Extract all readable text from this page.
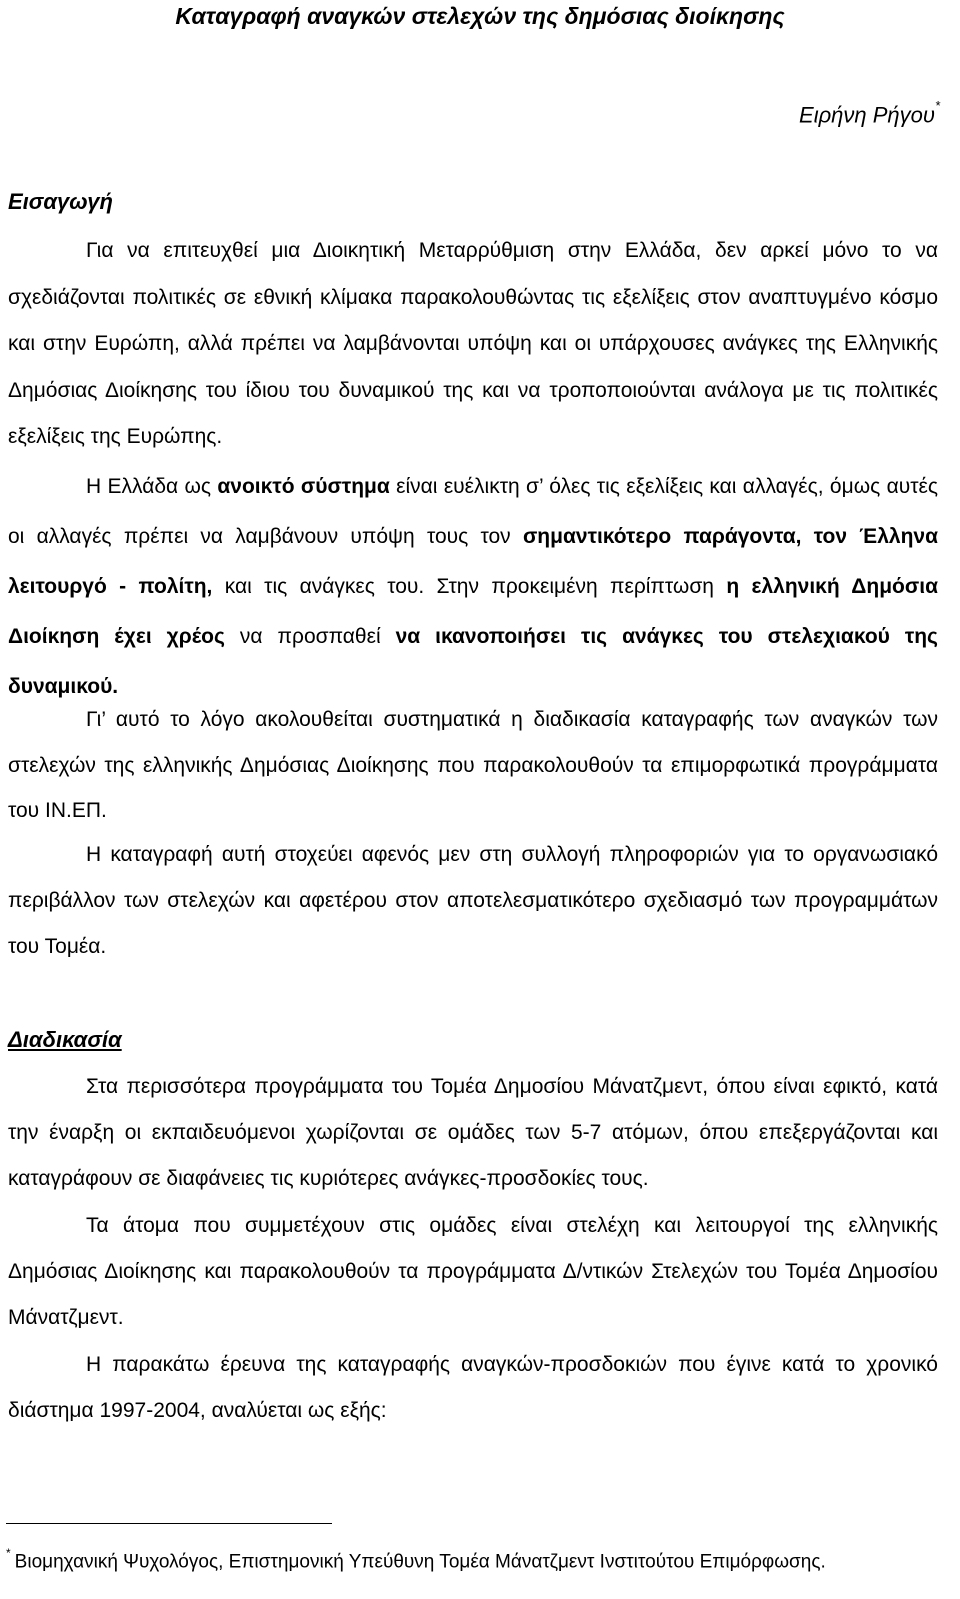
Καταγραφή αναγκών στελεχών της δημόσιας διοίκησης
Ειρήνη Ρήγου*
Εισαγωγή
Για να επιτευχθεί μια Διοικητική Μεταρρύθμιση στην Ελλάδα, δεν αρκεί μόνο το να σχεδιάζονται πολιτικές σε εθνική κλίμακα παρακολουθώντας τις εξελίξεις στον αναπτυγμένο κόσμο και στην Ευρώπη, αλλά πρέπει να λαμβάνονται υπόψη και οι υπάρχουσες ανάγκες της Ελληνικής Δημόσιας Διοίκησης του ίδιου του δυναμικού της και να τροποποιούνται ανάλογα με τις πολιτικές εξελίξεις της Ευρώπης.
Η Ελλάδα ως ανοικτό σύστημα είναι ευέλικτη σ’ όλες τις εξελίξεις και αλλαγές, όμως αυτές οι αλλαγές πρέπει να λαμβάνουν υπόψη τους τον σημαντικότερο παράγοντα, τον Έλληνα λειτουργό - πολίτη, και τις ανάγκες του. Στην προκειμένη περίπτωση η ελληνική Δημόσια Διοίκηση έχει χρέος να προσπαθεί να ικανοποιήσει τις ανάγκες του στελεχιακού της δυναμικού.
Γι’ αυτό το λόγο ακολουθείται συστηματικά η διαδικασία καταγραφής των αναγκών των στελεχών της ελληνικής Δημόσιας Διοίκησης που παρακολουθούν τα επιμορφωτικά προγράμματα του ΙΝ.ΕΠ.
Η καταγραφή αυτή στοχεύει αφενός μεν στη συλλογή πληροφοριών για το οργανωσιακό περιβάλλον των στελεχών και αφετέρου στον αποτελεσματικότερο σχεδιασμό των προγραμμάτων του Τομέα.
Διαδικασία
Στα περισσότερα προγράμματα του Τομέα Δημοσίου Μάνατζμεντ, όπου είναι εφικτό, κατά την έναρξη οι εκπαιδευόμενοι χωρίζονται σε ομάδες των 5-7 ατόμων, όπου επεξεργάζονται και καταγράφουν σε διαφάνειες τις κυριότερες ανάγκες-προσδοκίες τους.
Τα άτομα που συμμετέχουν στις ομάδες είναι στελέχη και λειτουργοί της ελληνικής Δημόσιας Διοίκησης και παρακολουθούν τα προγράμματα Δ/ντικών Στελεχών του Τομέα Δημοσίου Μάνατζμεντ.
Η παρακάτω έρευνα της καταγραφής αναγκών-προσδοκιών που έγινε κατά το χρονικό διάστημα 1997-2004, αναλύεται ως εξής:
* Βιομηχανική Ψυχολόγος, Επιστημονική Υπεύθυνη Τομέα Μάνατζμεντ Ινστιτούτου Επιμόρφωσης.
